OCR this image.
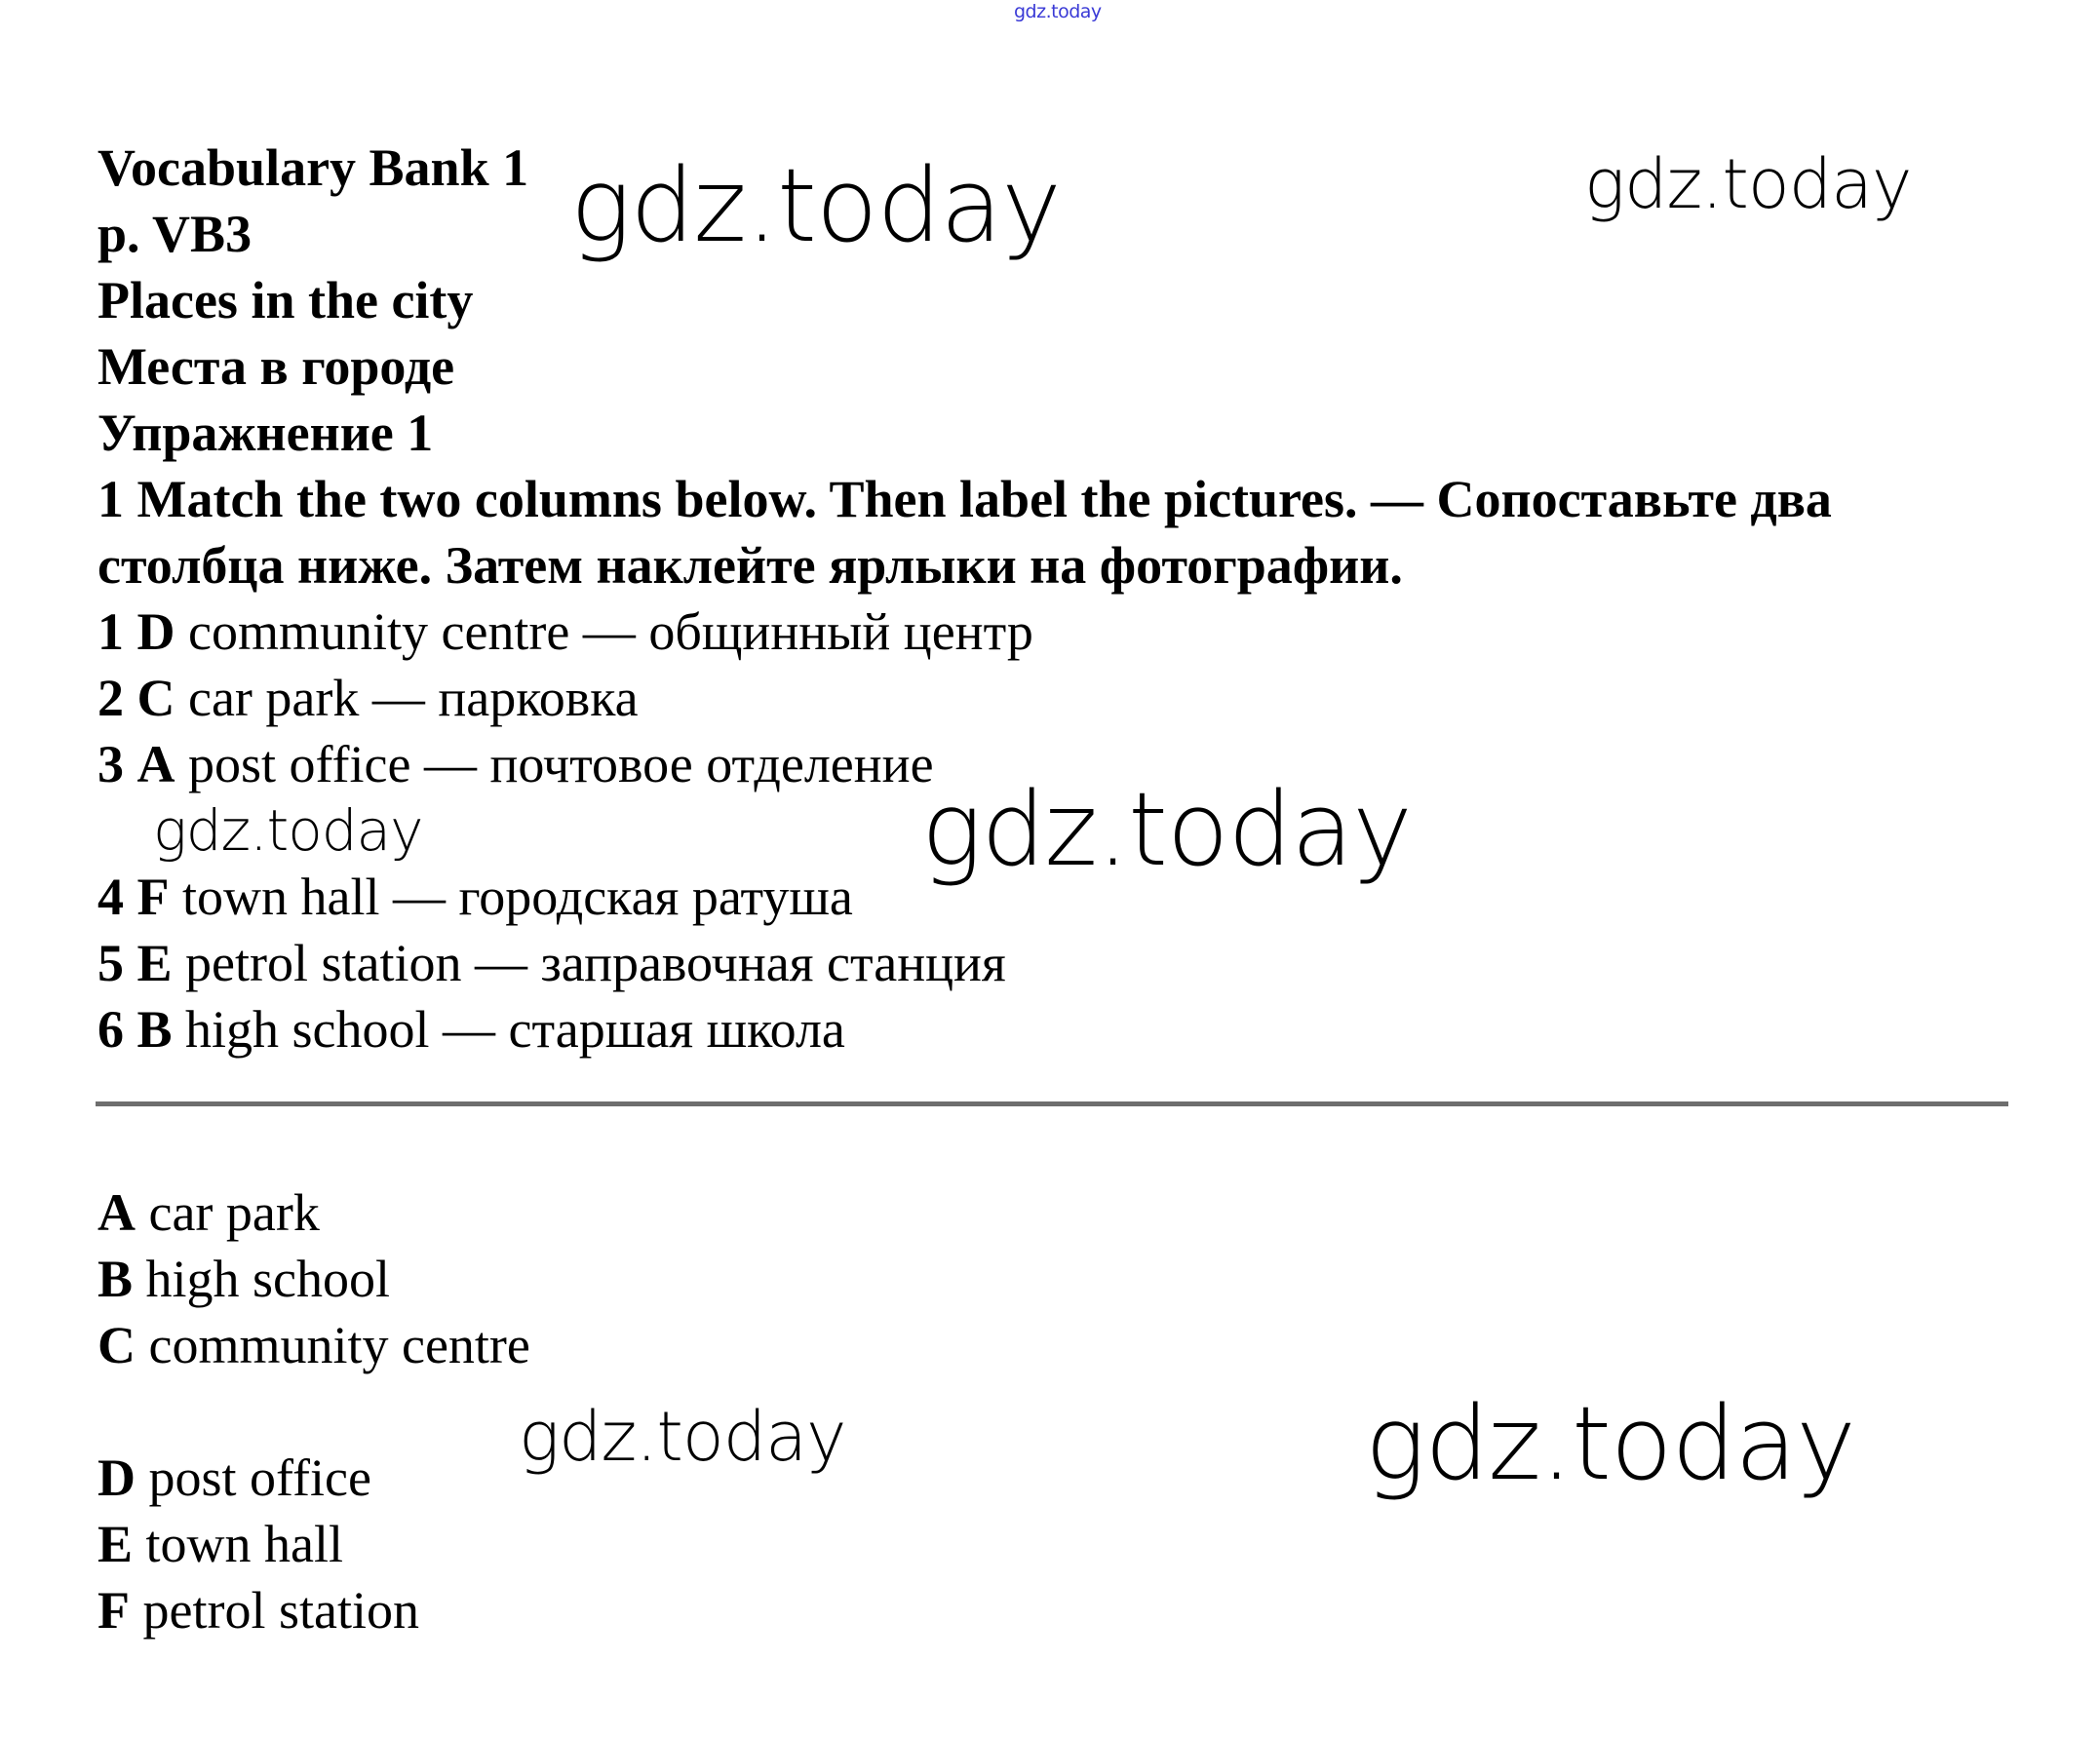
gdz.today
Vocabulary Bank 1
p. VB3
Places in the city
Места в городе
Упражнение 1
1 Match the two columns below. Then label the pictures. — Сопоставьте два столбца ниже. Затем наклейте ярлыки на фотографии.
1 D community centre — общинный центр
2 C car park — парковка
3 A post office — почтовое отделение
4 F town hall — городская ратуша
5 E petrol station — заправочная станция
6 B high school — старшая школа
A car park
B high school
C community centre
D post office
E town hall
F petrol station
gdz.today	gdz.today
gdz.today	gdz.today
gdz.today	gdz.today
